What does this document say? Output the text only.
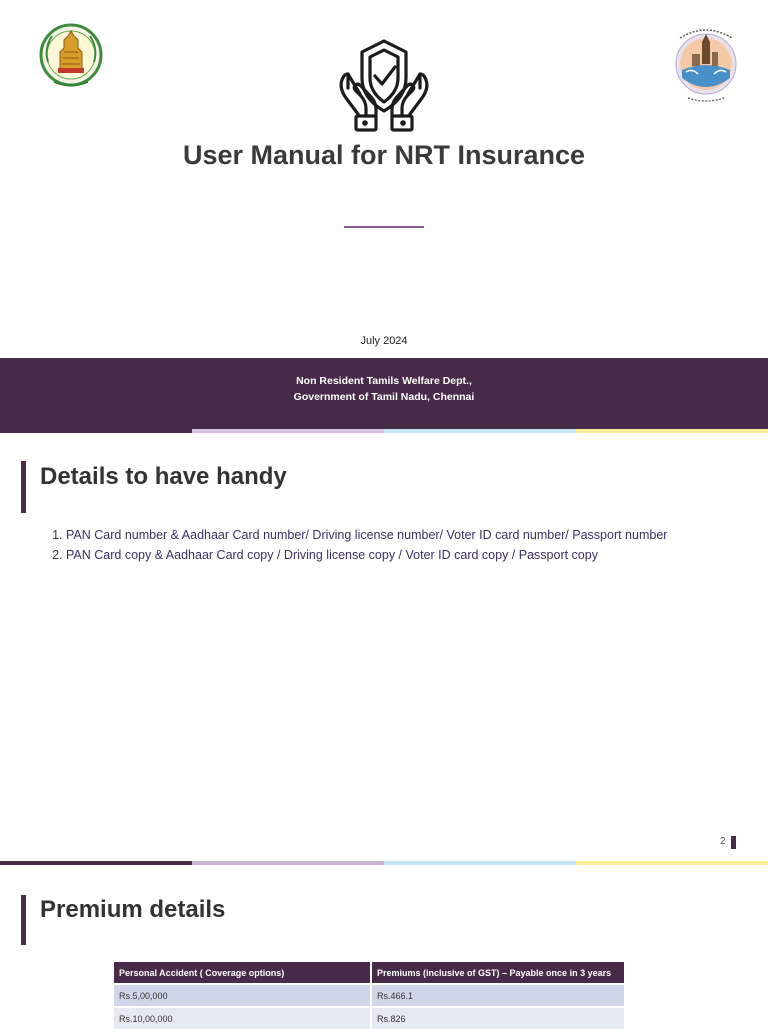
User Manual for NRT Insurance
July 2024
Non Resident Tamils Welfare Dept.,
Government of Tamil Nadu, Chennai
Details to have handy
1. PAN Card number & Aadhaar Card number/ Driving license number/ Voter ID card number/ Passport number
2. PAN Card copy & Aadhaar Card copy / Driving license copy / Voter ID card copy / Passport copy
2
Premium details
Personal Accident ( Coverage options)	Premiums (inclusive of GST) – Payable once in 3 years
Rs.5,00,000	Rs.466.1
Rs.10,00,000	Rs.826
